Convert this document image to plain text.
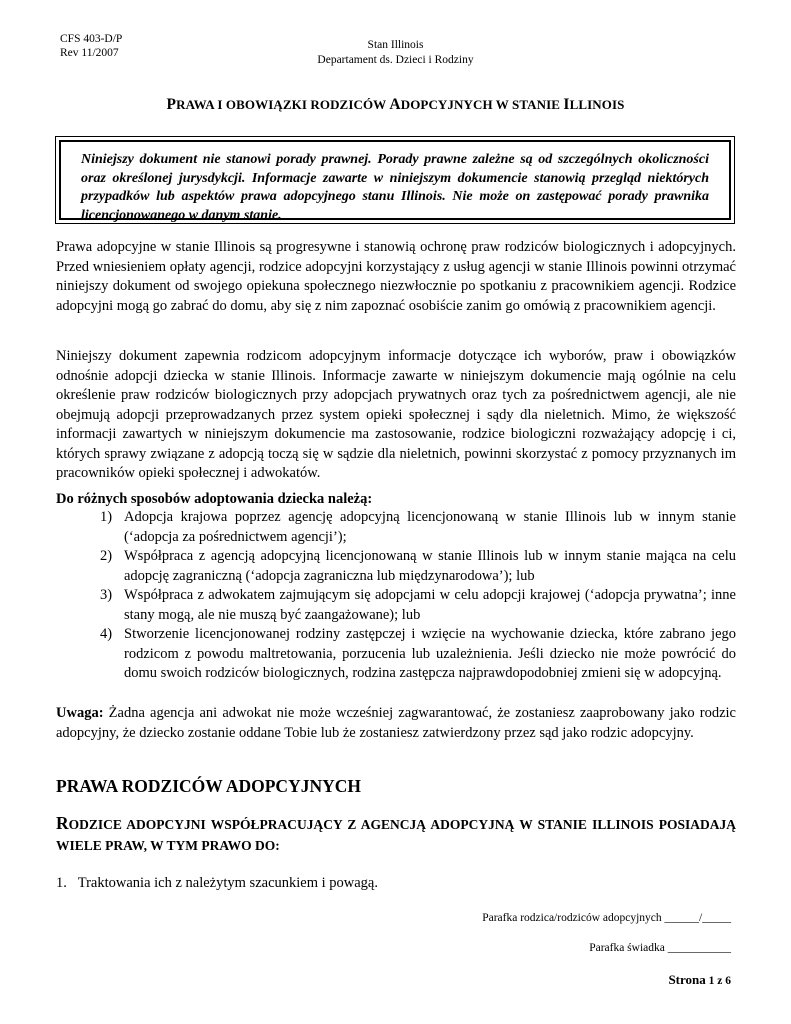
CFS 403-D/P
Rev 11/2007
Stan Illinois
Departament ds. Dzieci i Rodziny
PRAWA I OBOWIĄZKI RODZICÓW ADOPCYJNYCH W STANIE ILLINOIS
Niniejszy dokument nie stanowi porady prawnej. Porady prawne zależne są od szczególnych okoliczności oraz określonej jurysdykcji. Informacje zawarte w niniejszym dokumencie stanowią przegląd niektórych przypadków lub aspektów prawa adopcyjnego stanu Illinois. Nie może on zastępować porady prawnika licencjonowanego w danym stanie.
Prawa adopcyjne w stanie Illinois są progresywne i stanowią ochronę praw rodziców biologicznych i adopcyjnych. Przed wniesieniem opłaty agencji, rodzice adopcyjni korzystający z usług agencji w stanie Illinois powinni otrzymać niniejszy dokument od swojego opiekuna społecznego niezwłocznie po spotkaniu z pracownikiem agencji. Rodzice adopcyjni mogą go zabrać do domu, aby się z nim zapoznać osobiście zanim go omówią z pracownikiem agencji.
Niniejszy dokument zapewnia rodzicom adopcyjnym informacje dotyczące ich wyborów, praw i obowiązków odnośnie adopcji dziecka w stanie Illinois. Informacje zawarte w niniejszym dokumencie mają ogólnie na celu określenie praw rodziców biologicznych przy adopcjach prywatnych oraz tych za pośrednictwem agencji, ale nie obejmują adopcji przeprowadzanych przez system opieki społecznej i sądy dla nieletnich. Mimo, że większość informacji zawartych w niniejszym dokumencie ma zastosowanie, rodzice biologiczni rozważający adopcję i ci, których sprawy związane z adopcją toczą się w sądzie dla nieletnich, powinni skorzystać z pomocy przyznanych im pracowników opieki społecznej i adwokatów.
Do różnych sposobów adoptowania dziecka należą:
1) Adopcja krajowa poprzez agencję adopcyjną licencjonowaną w stanie Illinois lub w innym stanie (‘adopcja za pośrednictwem agencji’);
2) Współpraca z agencją adopcyjną licencjonowaną w stanie Illinois lub w innym stanie mająca na celu adopcję zagraniczną (‘adopcja zagraniczna lub międzynarodowa’); lub
3) Współpraca z adwokatem zajmującym się adopcjami w celu adopcji krajowej (‘adopcja prywatna’; inne stany mogą, ale nie muszą być zaangażowane); lub
4) Stworzenie licencjonowanej rodziny zastępczej i wzięcie na wychowanie dziecka, które zabrano jego rodzicom z powodu maltretowania, porzucenia lub uzależnienia. Jeśli dziecko nie może powrócić do domu swoich rodziców biologicznych, rodzina zastępcza najprawdopodobniej zmieni się w adopcyjną.
Uwaga: Żadna agencja ani adwokat nie może wcześniej zagwarantować, że zostaniesz zaaprobowany jako rodzic adopcyjny, że dziecko zostanie oddane Tobie lub że zostaniesz zatwierdzony przez sąd jako rodzic adopcyjny.
PRAWA RODZICÓW ADOPCYJNYCH
RODZICE ADOPCYJNI WSPÓŁPRACUJĄCY Z AGENCJĄ ADOPCYJNĄ W STANIE ILLINOIS POSIADAJĄ WIELE PRAW, W TYM PRAWO DO:
1. Traktowania ich z należytym szacunkiem i powagą.
Parafka rodzica/rodziców adopcyjnych ______/_____
Parafka świadka ___________
Strona 1 z 6
